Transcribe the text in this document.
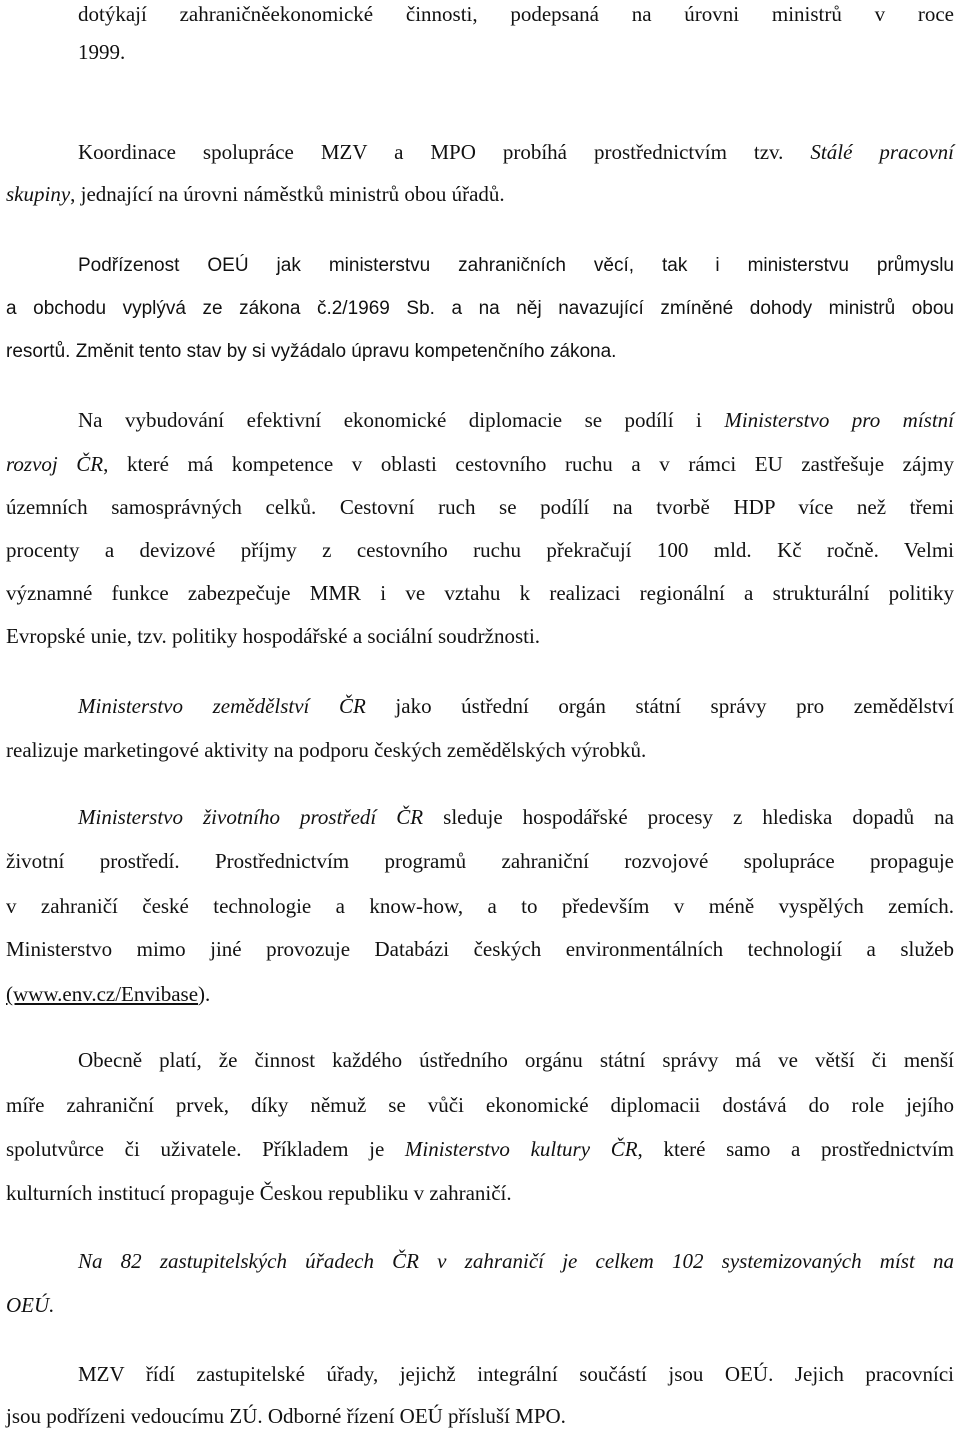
dotýkají zahraničněekonomické činnosti, podepsaná na úrovni ministrů v roce
1999.
Koordinace spolupráce MZV a MPO probíhá prostřednictvím tzv. Stálé pracovní
skupiny, jednající na úrovni náměstků ministrů obou úřadů.
Podřízenost OEÚ jak ministerstvu zahraničních věcí, tak i ministerstvu průmyslu
a obchodu vyplývá ze zákona č.2/1969 Sb. a na něj navazující zmíněné dohody ministrů obou
resortů. Změnit tento stav by si vyžádalo úpravu kompetenčního zákona.
Na vybudování efektivní ekonomické diplomacie se podílí i Ministerstvo pro místní
rozvoj ČR, které má kompetence v oblasti cestovního ruchu a v rámci EU zastřešuje zájmy
územních samosprávných celků. Cestovní ruch se podílí na tvorbě HDP více než třemi
procenty a devizové příjmy z cestovního ruchu překračují 100 mld. Kč ročně. Velmi
významné funkce zabezpečuje MMR i ve vztahu k realizaci regionální a strukturální politiky
Evropské unie, tzv. politiky hospodářské a sociální soudržnosti.
Ministerstvo zemědělství ČR jako ústřední orgán státní správy pro zemědělství
realizuje marketingové aktivity na podporu českých zemědělských výrobků.
Ministerstvo životního prostředí ČR sleduje hospodářské procesy z hlediska dopadů na
životní prostředí. Prostřednictvím programů zahraniční rozvojové spolupráce propaguje
v zahraničí české technologie a know-how, a to především v méně vyspělých zemích.
Ministerstvo mimo jiné provozuje Databázi českých environmentálních technologií a služeb
(www.env.cz/Envibase).
Obecně platí, že činnost každého ústředního orgánu státní správy má ve větší či menší
míře zahraniční prvek, díky němuž se vůči ekonomické diplomacii dostává do role jejího
spolutvůrce či uživatele. Příkladem je Ministerstvo kultury ČR, které samo a prostřednictvím
kulturních institucí propaguje Českou republiku v zahraničí.
Na 82 zastupitelských úřadech ČR v zahraničí je celkem 102 systemizovaných míst na
OEÚ.
MZV řídí zastupitelské úřady, jejichž integrální součástí jsou OEÚ. Jejich pracovníci
jsou podřízeni vedoucímu ZÚ. Odborné řízení OEÚ přísluší MPO.
